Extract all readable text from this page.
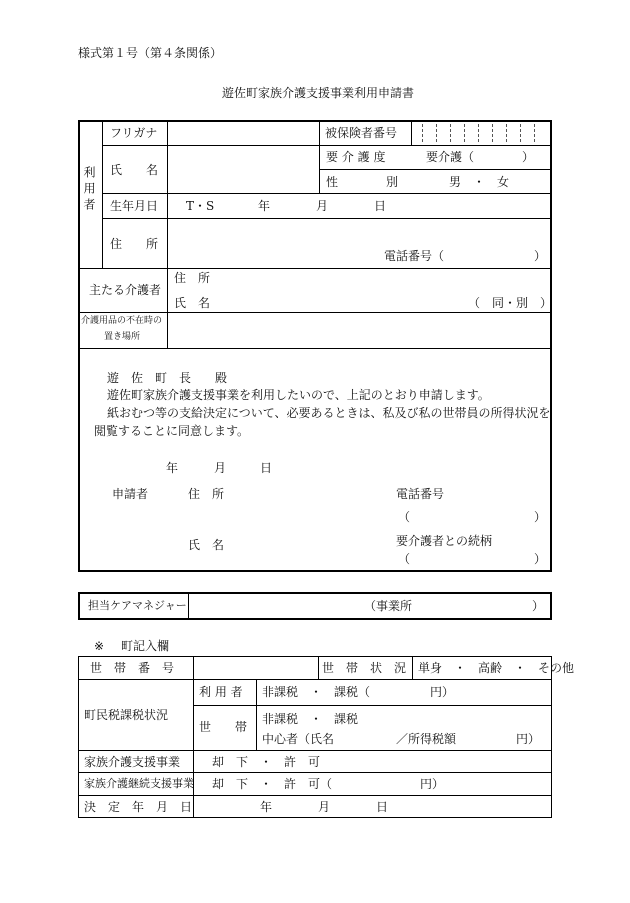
様式第１号（第４条関係）
遊佐町家族介護支援事業利用申請書
利用者
フリガナ	被保険者番号
氏　　名
要 介 護 度	要介護（　　　　）
性　　　　別	男　・　女
生年月日 T・S	年	月	日
住　　所
電話番号（	）
主たる介護者
住　所
氏　名	（　同・別　）
介護用品の不在時の
置き場所
遊　佐　町　長　　殿
遊佐町家族介護支援事業を利用したいので、上記のとおり申請します。
紙おむつ等の支給決定について、必要あるときは、私及び私の世帯員の所得状況を
閲覧することに同意します。
年	月	日
申請者	住　所	電話番号
（	）
氏　名	要介護者との続柄
（	）
担当ケアマネジャー	（事業所	）
※ 町記入欄
世　帯　番　号	世　帯　状　況 単身　・　高齢　・　その他
町民税課税状況
利 用 者 非課税　・　課税（	円）
世　　帯
非課税　・　課税
中心者（氏名	／所得税額	円）
家族介護支援事業	却　下　・　許　可
家族介護継続支援事業 却　下　・　許　可（	円）
決　定　年　月　日	年	月	日
